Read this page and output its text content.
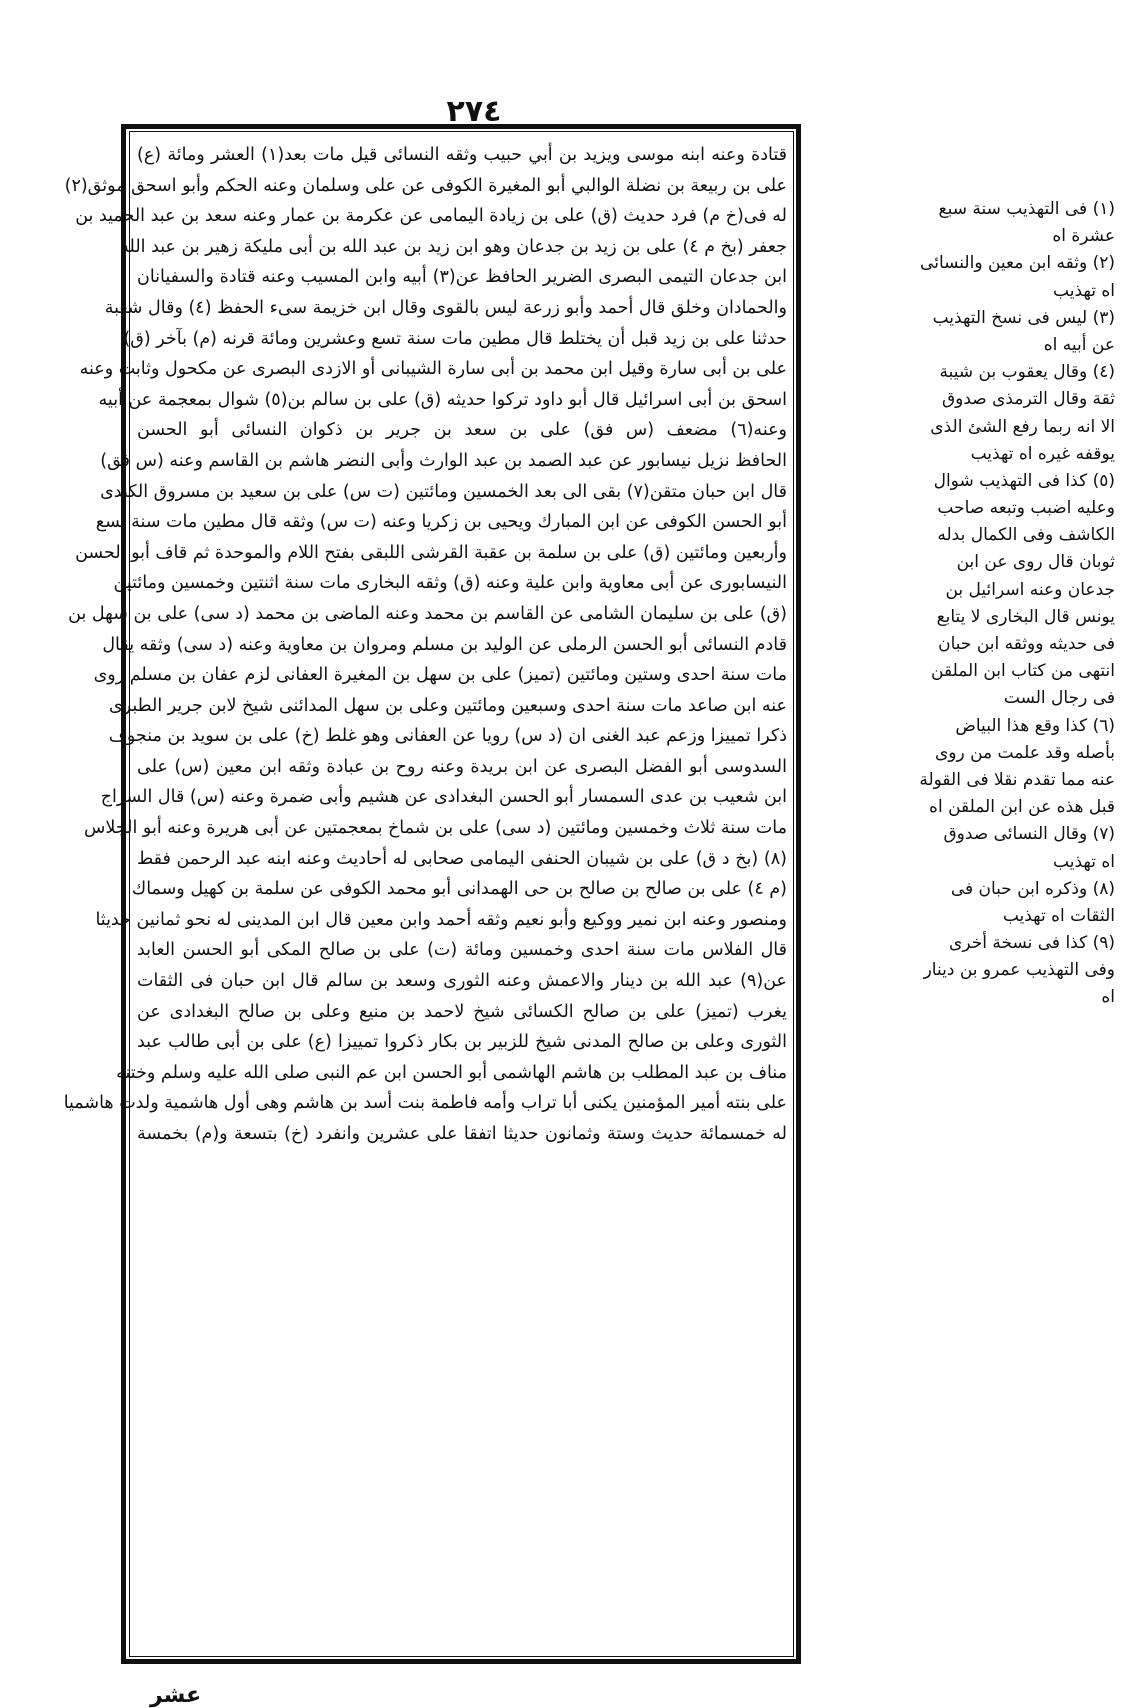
٢٧٤
قتادة وعنه ابنه موسى ويزيد بن أبي حبيب وثقه النسائى قيل مات بعد(١) العشر ومائة (ع)
على بن ربيعة بن نضلة الوالبي أبو المغيرة الكوفى عن على وسلمان وعنه الحكم وأبو اسحق موثق(٢)
له فى(خ م) فرد حديث (ق) على بن زيادة اليمامى عن عكرمة بن عمار وعنه سعد بن عبد الحميد بن
جعفر (بخ م ٤) على بن زيد بن جدعان وهو ابن زيد بن عبد الله بن أبى مليكة زهير بن عبد الله
ابن جدعان التيمى البصرى الضرير الحافظ عن(٣) أبيه وابن المسيب وعنه قتادة والسفيانان
والحمادان وخلق قال أحمد وأبو زرعة ليس بالقوى وقال ابن خزيمة سىء الحفظ (٤) وقال شعبة
حدثنا على بن زيد قبل أن يختلط قال مطين مات سنة تسع وعشرين ومائة قرنه (م) بآخر (ق)
على بن أبى سارة وقيل ابن محمد بن أبى سارة الشيبانى أو الازدى البصرى عن مكحول وثابت وعنه
اسحق بن أبى اسرائيل قال أبو داود تركوا حديثه (ق) على بن سالم بن(٥) شوال بمعجمة عن أبيه
وعنه(٦) مضعف (س فق) على بن سعد بن جرير بن ذكوان النسائى أبو الحسن
الحافظ نزيل نيسابور عن عبد الصمد بن عبد الوارث وأبى النضر هاشم بن القاسم وعنه (س فق)
قال ابن حبان متقن(٧) بقى الى بعد الخمسين ومائتين (ت س) على بن سعيد بن مسروق الكندى
أبو الحسن الكوفى عن ابن المبارك ويحيى بن زكريا وعنه (ت س) وثقه قال مطين مات سنة تسع
وأربعين ومائتين (ق) على بن سلمة بن عقبة القرشى اللبقى بفتح اللام والموحدة ثم قاف أبو الحسن
النيسابورى عن أبى معاوية وابن علية وعنه (ق) وثقه البخارى مات سنة اثنتين وخمسين ومائتين
(ق) على بن سليمان الشامى عن القاسم بن محمد وعنه الماضى بن محمد (د سى) على بن سهل بن
قادم النسائى أبو الحسن الرملى عن الوليد بن مسلم ومروان بن معاوية وعنه (د سى) وثقه يقال
مات سنة احدى وستين ومائتين (تميز) على بن سهل بن المغيرة العفانى لزم عفان بن مسلم روى
عنه ابن صاعد مات سنة احدى وسبعين ومائتين وعلى بن سهل المدائنى شيخ لابن جرير الطبرى
ذكرا تمييزا وزعم عبد الغنى ان (د س) رويا عن العفانى وهو غلط (خ) على بن سويد بن منجوف
السدوسى أبو الفضل البصرى عن ابن بريدة وعنه روح بن عبادة وثقه ابن معين (س) على
ابن شعيب بن عدى السمسار أبو الحسن البغدادى عن هشيم وأبى ضمرة وعنه (س) قال السراج
مات سنة ثلاث وخمسين ومائتين (د سى) على بن شماخ بمعجمتين عن أبى هريرة وعنه أبو الجلاس
(٨) (بخ د ق) على بن شيبان الحنفى اليمامى صحابى له أحاديث وعنه ابنه عبد الرحمن فقط
(م ٤) على بن صالح بن صالح بن حى الهمدانى أبو محمد الكوفى عن سلمة بن كهيل وسماك
ومنصور وعنه ابن نمير ووكيع وأبو نعيم وثقه أحمد وابن معين قال ابن المدينى له نحو ثمانين حديثا
قال الفلاس مات سنة احدى وخمسين ومائة (ت) على بن صالح المكى أبو الحسن العابد
عن(٩) عبد الله بن دينار والاعمش وعنه الثورى وسعد بن سالم قال ابن حبان فى الثقات
يغرب (تميز) على بن صالح الكسائى شيخ لاحمد بن منيع وعلى بن صالح البغدادى عن
الثورى وعلى بن صالح المدنى شيخ للزبير بن بكار ذكروا تمييزا (ع) على بن أبى طالب عبد
مناف بن عبد المطلب بن هاشم الهاشمى أبو الحسن ابن عم النبى صلى الله عليه وسلم وختنه
على بنته أمير المؤمنين يكنى أبا تراب وأمه فاطمة بنت أسد بن هاشم وهى أول هاشمية ولدت هاشميا
له خمسمائة حديث وستة وثمانون حديثا اتفقا على عشرين وانفرد (خ) بتسعة و(م) بخمسة
عشر
(١) فى التهذيب سنة سبع
عشرة اه
(٢) وثقه ابن معين والنسائى
اه تهذيب
(٣) ليس فى نسخ التهذيب
عن أبيه اه
(٤) وقال يعقوب بن شيبة
ثقة وقال الترمذى صدوق
الا انه ربما رفع الشئ الذى
يوقفه غيره اه تهذيب
(٥) كذا فى التهذيب شوال
وعليه اضبب وتبعه صاحب
الكاشف وفى الكمال بدله
ثوبان قال روى عن ابن
جدعان وعنه اسرائيل بن
يونس قال البخارى لا يتابع
فى حديثه ووثقه ابن حبان
انتهى من كتاب ابن الملقن
فى رجال الست
(٦) كذا وقع هذا البياض
بأصله وقد علمت من روى
عنه مما تقدم نقلا فى القولة
قبل هذه عن ابن الملقن اه
(٧) وقال النسائى صدوق
اه تهذيب
(٨) وذكره ابن حبان فى
الثقات اه تهذيب
(٩) كذا فى نسخة أخرى
وفى التهذيب عمرو بن دينار
اه
